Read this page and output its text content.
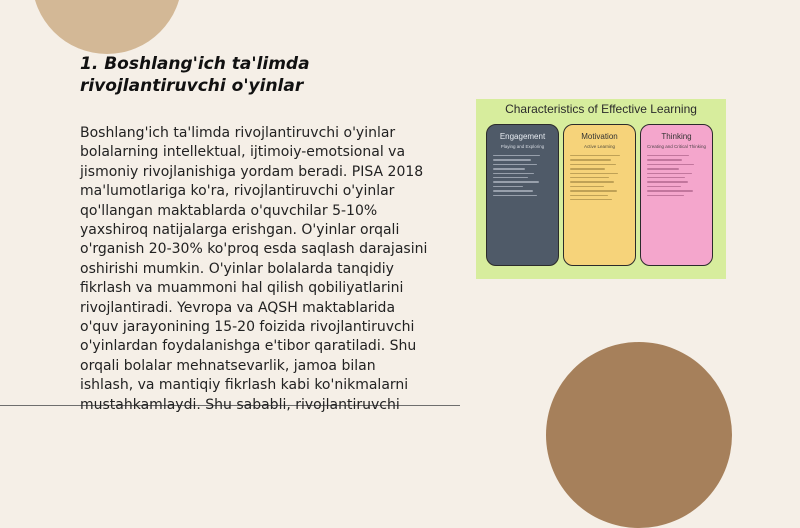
1. Boshlang'ich ta'limda rivojlantiruvchi o'yinlar

Boshlang'ich ta'limda rivojlantiruvchi o'yinlar bolalarning intellektual, ijtimoiy-emotsional va jismoniy rivojlanishiga yordam beradi. PISA 2018 ma'lumotlariga ko'ra, rivojlantiruvchi o'yinlar qo'llangan maktablarda o'quvchilar 5-10% yaxshiroq natijalarga erishgan. O'yinlar orqali o'rganish 20-30% ko'proq esda saqlash darajasini oshirishi mumkin. O'yinlar bolalarda tanqidiy fikrlash va muammoni hal qilish qobiliyatlarini rivojlantiradi. Yevropa va AQSH maktablarida o'quv jarayonining 15-20 foizida rivojlantiruvchi o'yinlardan foydalanishga e'tibor qaratiladi. Shu orqali bolalar mehnatsevarlik, jamoa bilan ishlash, va mantiqiy fikrlash kabi ko'nikmalarni mustahkamlaydi. Shu sababli, rivojlantiruvchi

Characteristics of Effective Learning
Engagement
Playing and Exploring
Motivation
Active Learning
Thinking
Creating and Critical Thinking
